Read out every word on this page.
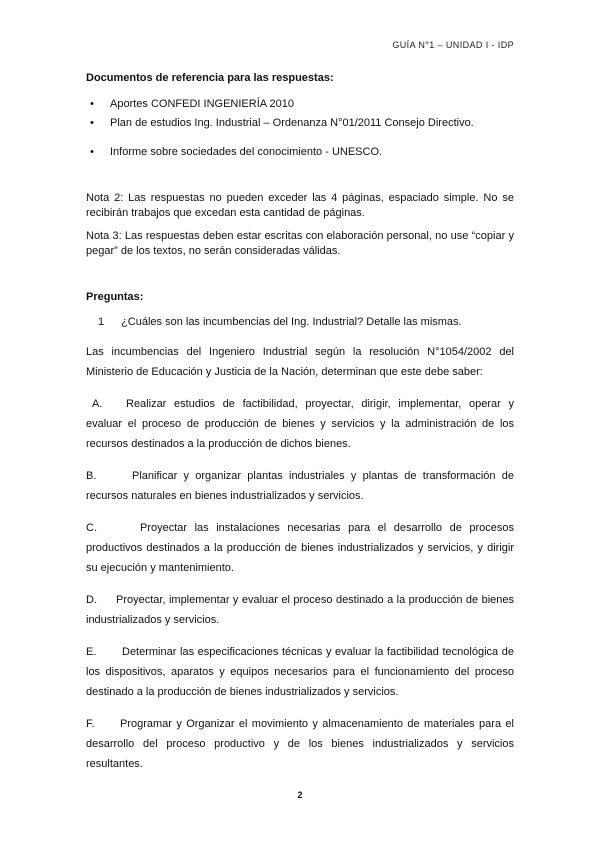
GUÍA N°1 – UNIDAD I - IDP

Documentos de referencia para las respuestas:

• Aportes CONFEDI INGENIERÍA 2010
• Plan de estudios Ing. Industrial – Ordenanza N°01/2011 Consejo Directivo.
• Informe sobre sociedades del conocimiento - UNESCO.

Nota 2: Las respuestas no pueden exceder las 4 páginas, espaciado simple. No se recibirán trabajos que excedan esta cantidad de páginas.

Nota 3: Las respuestas deben estar escritas con elaboración personal, no use “copiar y pegar” de los textos, no serán consideradas válidas.

Preguntas:

1 ¿Cuáles son las incumbencias del Ing. Industrial? Detalle las mismas.

Las incumbencias del Ingeniero Industrial según la resolución N°1054/2002 del Ministerio de Educación y Justicia de la Nación, determinan que este debe saber:

A. Realizar estudios de factibilidad, proyectar, dirigir, implementar, operar y evaluar el proceso de producción de bienes y servicios y la administración de los recursos destinados a la producción de dichos bienes.

B.	Planificar y organizar plantas industriales y plantas de transformación de recursos naturales en bienes industrializados y servicios.

C.	Proyectar las instalaciones necesarias para el desarrollo de procesos productivos destinados a la producción de bienes industrializados y servicios, y dirigir su ejecución y mantenimiento.

D. Proyectar, implementar y evaluar el proceso destinado a la producción de bienes industrializados y servicios.

E. Determinar las especificaciones técnicas y evaluar la factibilidad tecnológica de los dispositivos, aparatos y equipos necesarios para el funcionamiento del proceso destinado a la producción de bienes industrializados y servicios.

F. Programar y Organizar el movimiento y almacenamiento de materiales para el desarrollo del proceso productivo y de los bienes industrializados y servicios resultantes.

2
